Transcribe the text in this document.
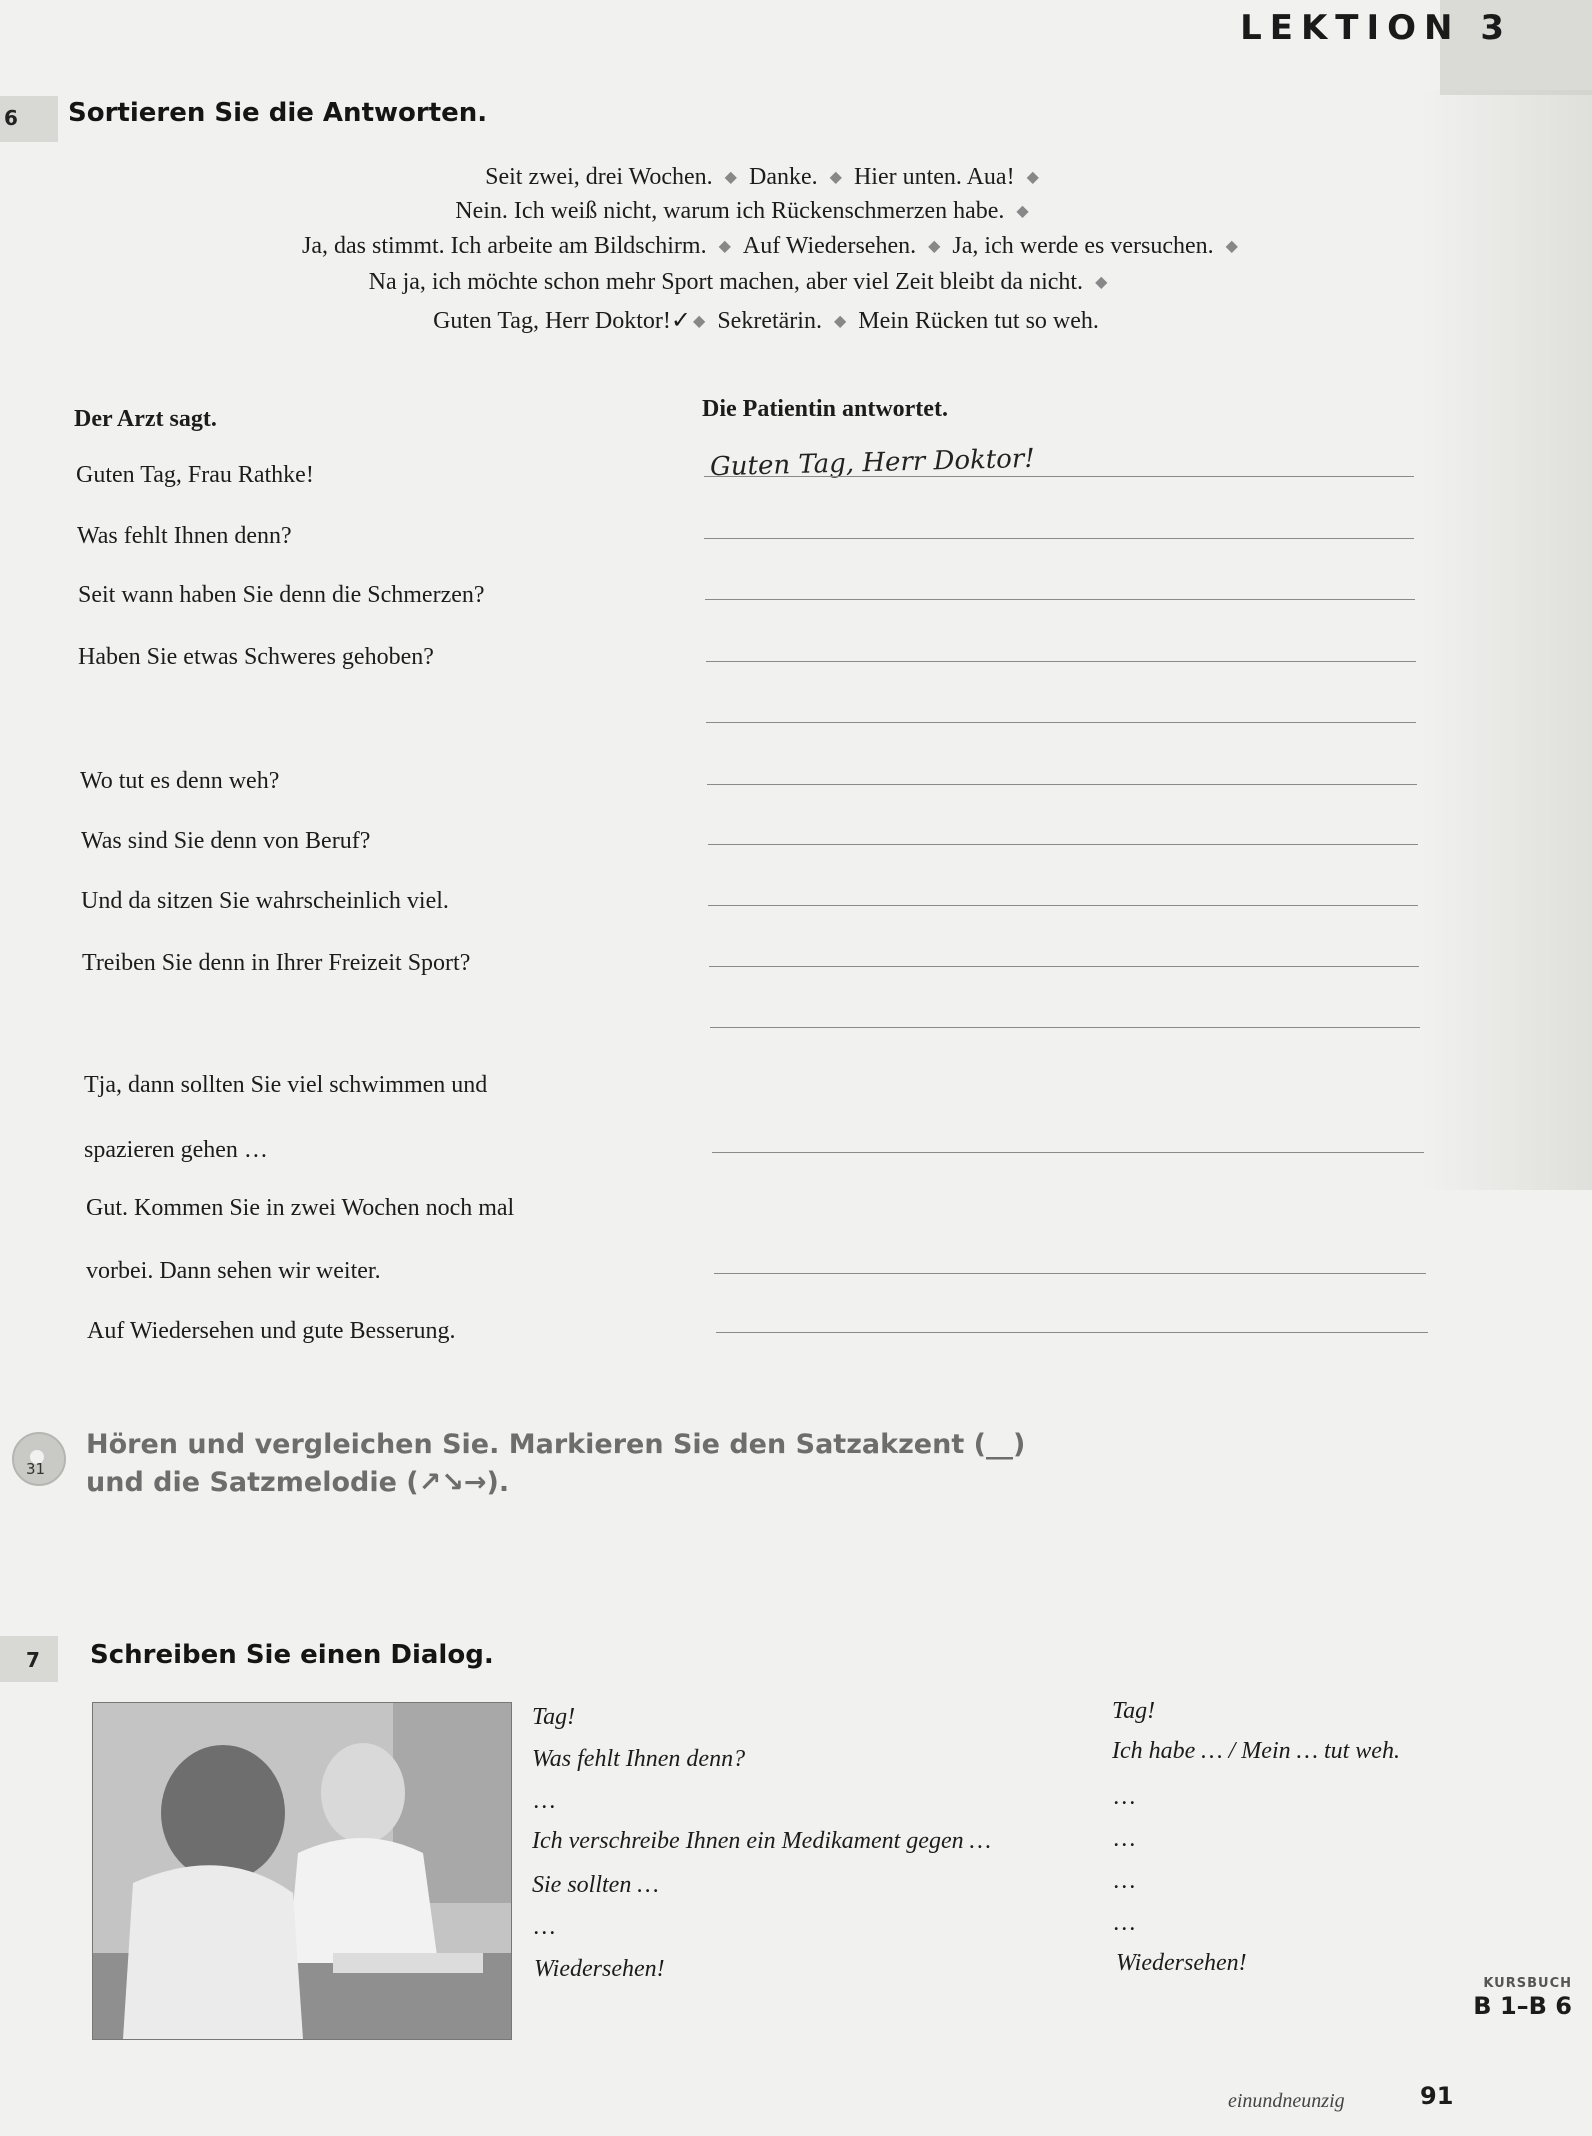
LEKTION 3
6 Sortieren Sie die Antworten.
Seit zwei, drei Wochen. ◆ Danke. ◆ Hier unten. Aua! ◆
Nein. Ich weiß nicht, warum ich Rückenschmerzen habe. ◆
Ja, das stimmt. Ich arbeite am Bildschirm. ◆ Auf Wiedersehen. ◆ Ja, ich werde es versuchen. ◆
Na ja, ich möchte schon mehr Sport machen, aber viel Zeit bleibt da nicht. ◆
Guten Tag, Herr Doktor!✓ ◆ Sekretärin. ◆ Mein Rücken tut so weh.
Der Arzt sagt.	Die Patientin antwortet.
Guten Tag, Frau Rathke!
Was fehlt Ihnen denn?
Seit wann haben Sie denn die Schmerzen?
Haben Sie etwas Schweres gehoben?
Wo tut es denn weh?
Was sind Sie denn von Beruf?
Und da sitzen Sie wahrscheinlich viel.
Treiben Sie denn in Ihrer Freizeit Sport?
Tja, dann sollten Sie viel schwimmen und
spazieren gehen …
Gut. Kommen Sie in zwei Wochen noch mal
vorbei. Dann sehen wir weiter.
Auf Wiedersehen und gute Besserung.
Guten Tag, Herr Doktor!
31
Hören und vergleichen Sie. Markieren Sie den Satzakzent (__)
und die Satzmelodie (↗↘→).
7 Schreiben Sie einen Dialog.
Tag!
Was fehlt Ihnen denn?
…
Ich verschreibe Ihnen ein Medikament gegen …
Sie sollten …
…
Wiedersehen!
Tag!
Ich habe … / Mein … tut weh.
…
…
…
…
Wiedersehen!
KURSBUCH
B 1–B 6
einundneunzig	91
